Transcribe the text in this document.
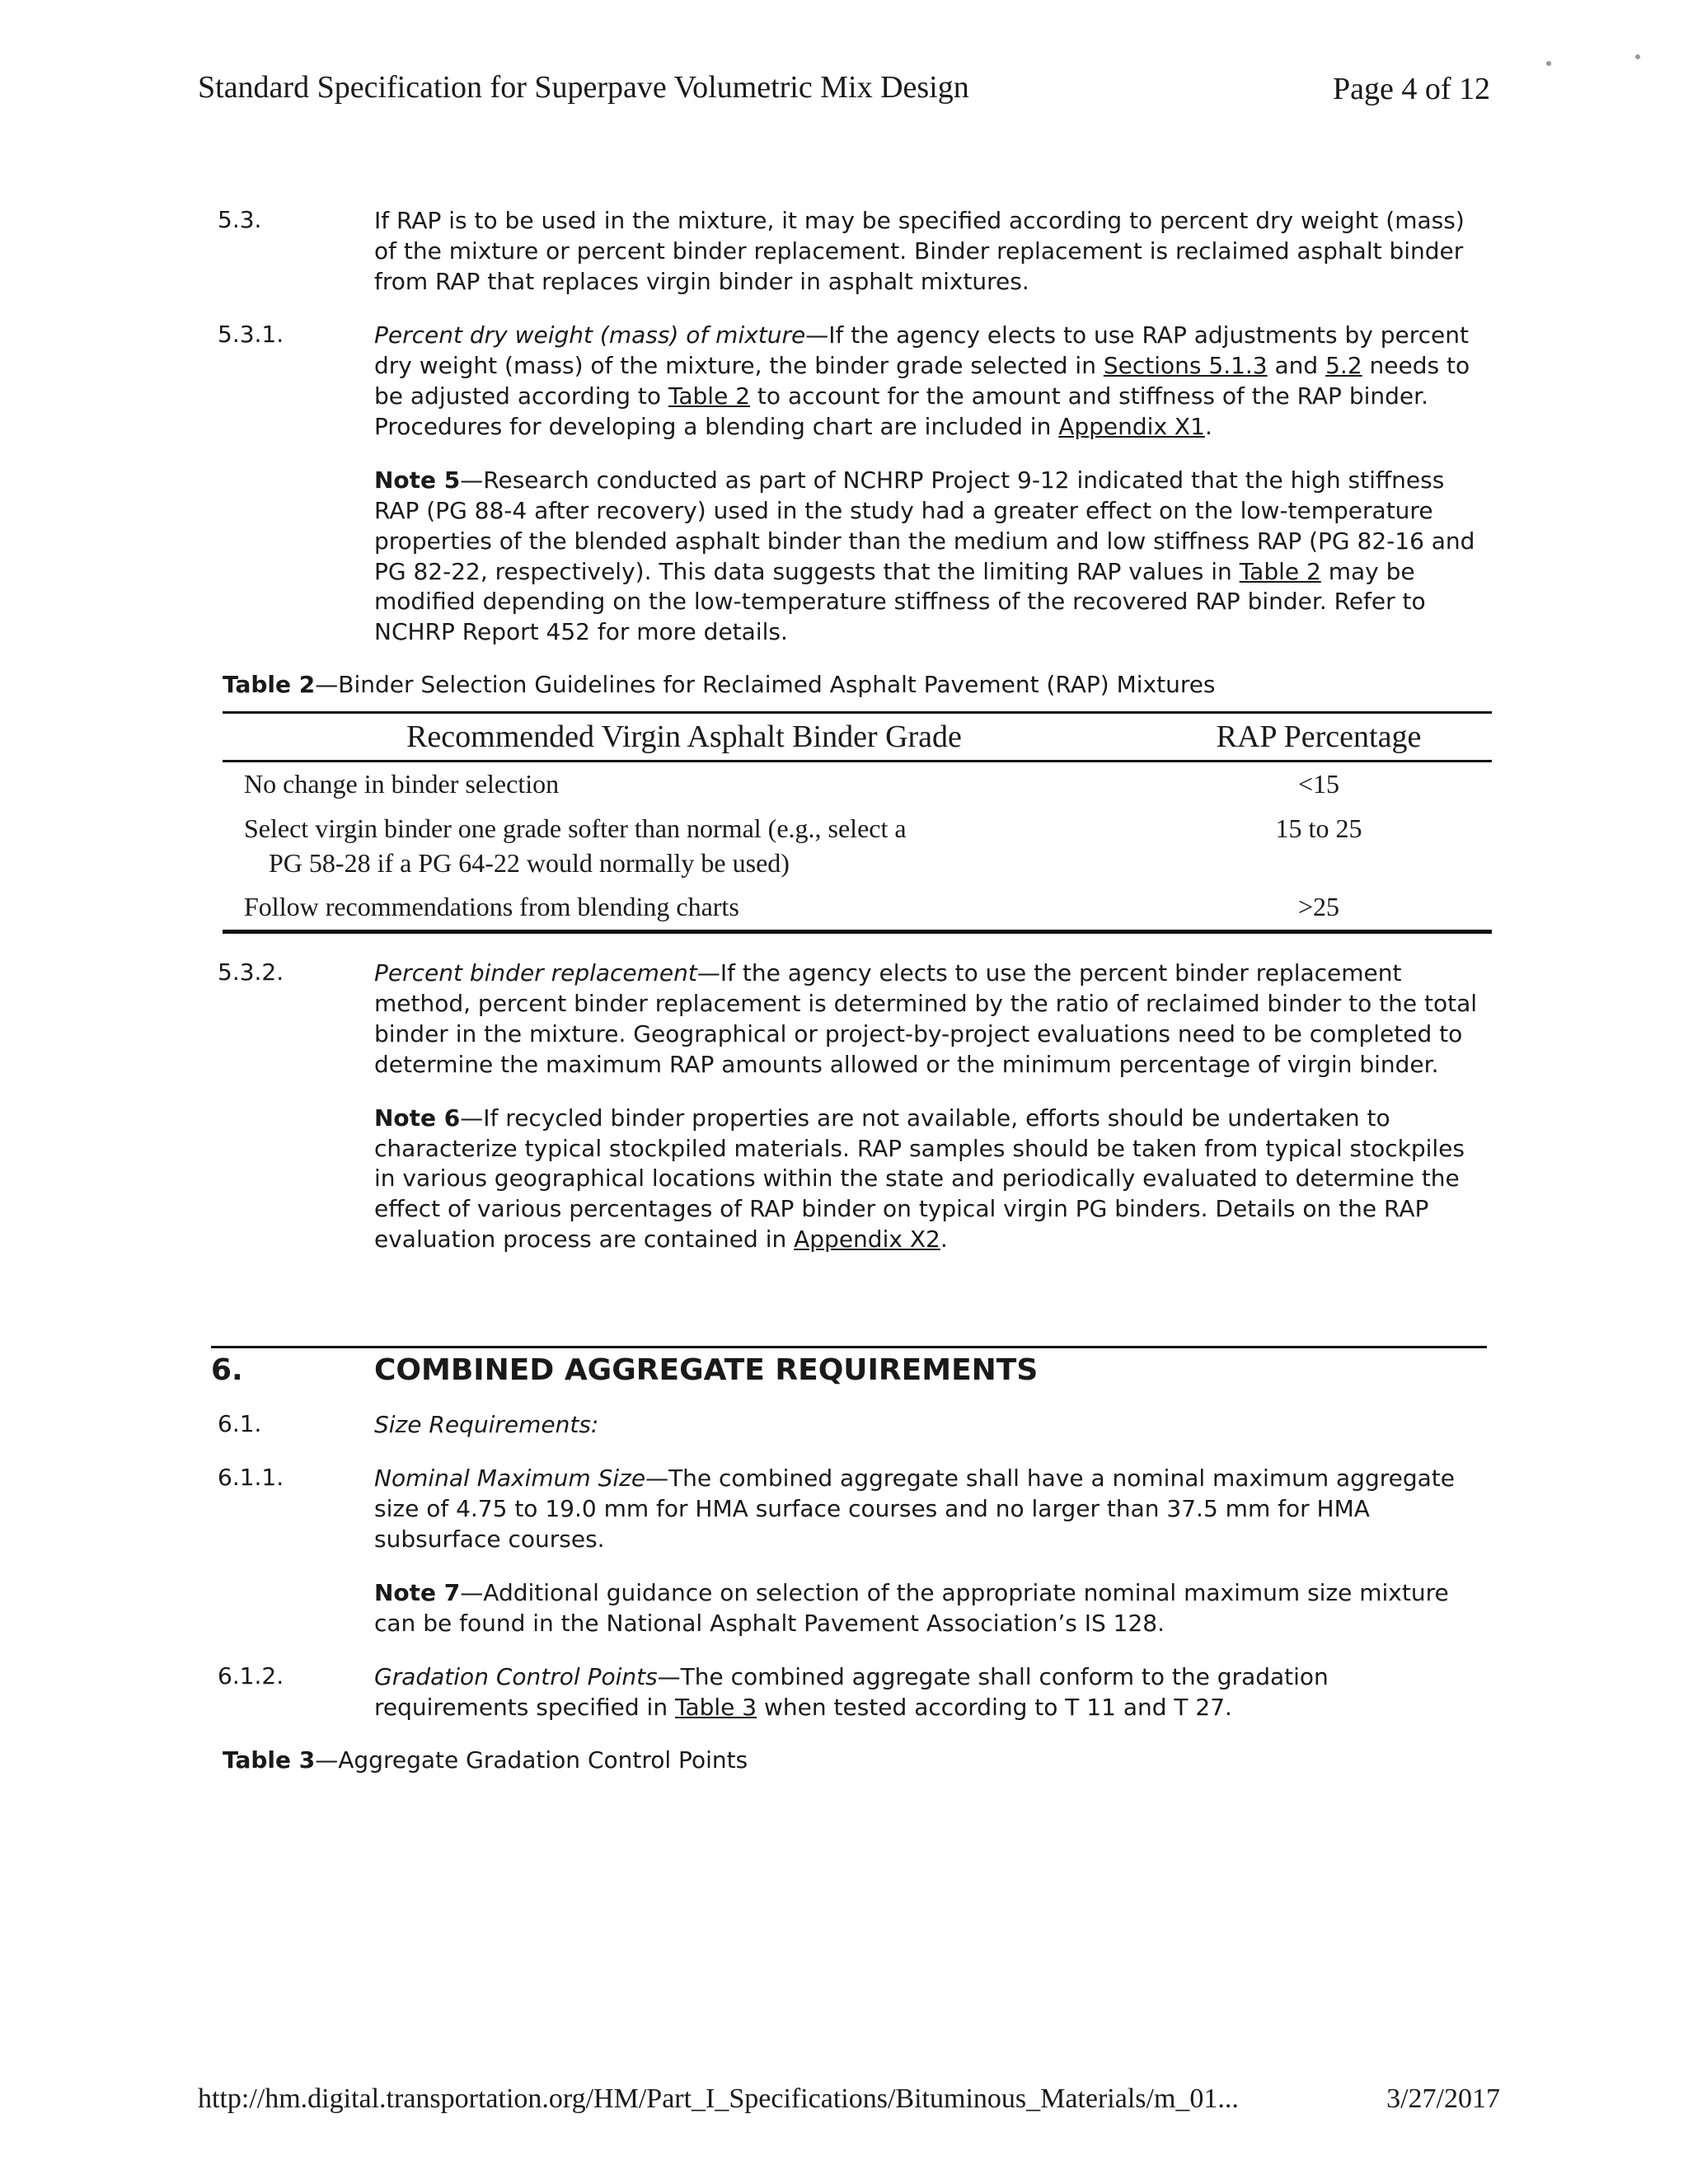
Standard Specification for Superpave Volumetric Mix Design	Page 4 of 12
5.3.	If RAP is to be used in the mixture, it may be specified according to percent dry weight (mass) of the mixture or percent binder replacement. Binder replacement is reclaimed asphalt binder from RAP that replaces virgin binder in asphalt mixtures.
5.3.1.	Percent dry weight (mass) of mixture—If the agency elects to use RAP adjustments by percent dry weight (mass) of the mixture, the binder grade selected in Sections 5.1.3 and 5.2 needs to be adjusted according to Table 2 to account for the amount and stiffness of the RAP binder. Procedures for developing a blending chart are included in Appendix X1.
Note 5—Research conducted as part of NCHRP Project 9-12 indicated that the high stiffness RAP (PG 88-4 after recovery) used in the study had a greater effect on the low-temperature properties of the blended asphalt binder than the medium and low stiffness RAP (PG 82-16 and PG 82-22, respectively). This data suggests that the limiting RAP values in Table 2 may be modified depending on the low-temperature stiffness of the recovered RAP binder. Refer to NCHRP Report 452 for more details.
Table 2—Binder Selection Guidelines for Reclaimed Asphalt Pavement (RAP) Mixtures
Recommended Virgin Asphalt Binder Grade	RAP Percentage
No change in binder selection	<15
Select virgin binder one grade softer than normal (e.g., select a
PG 58-28 if a PG 64-22 would normally be used)	15 to 25
Follow recommendations from blending charts	>25
5.3.2.	Percent binder replacement—If the agency elects to use the percent binder replacement method, percent binder replacement is determined by the ratio of reclaimed binder to the total binder in the mixture. Geographical or project-by-project evaluations need to be completed to determine the maximum RAP amounts allowed or the minimum percentage of virgin binder.
Note 6—If recycled binder properties are not available, efforts should be undertaken to characterize typical stockpiled materials. RAP samples should be taken from typical stockpiles in various geographical locations within the state and periodically evaluated to determine the effect of various percentages of RAP binder on typical virgin PG binders. Details on the RAP evaluation process are contained in Appendix X2.
6.	COMBINED AGGREGATE REQUIREMENTS
6.1.	Size Requirements:
6.1.1.	Nominal Maximum Size—The combined aggregate shall have a nominal maximum aggregate size of 4.75 to 19.0 mm for HMA surface courses and no larger than 37.5 mm for HMA subsurface courses.
Note 7—Additional guidance on selection of the appropriate nominal maximum size mixture can be found in the National Asphalt Pavement Association’s IS 128.
6.1.2.	Gradation Control Points—The combined aggregate shall conform to the gradation requirements specified in Table 3 when tested according to T 11 and T 27.
Table 3—Aggregate Gradation Control Points
http://hm.digital.transportation.org/HM/Part_I_Specifications/Bituminous_Materials/m_01...	3/27/2017
